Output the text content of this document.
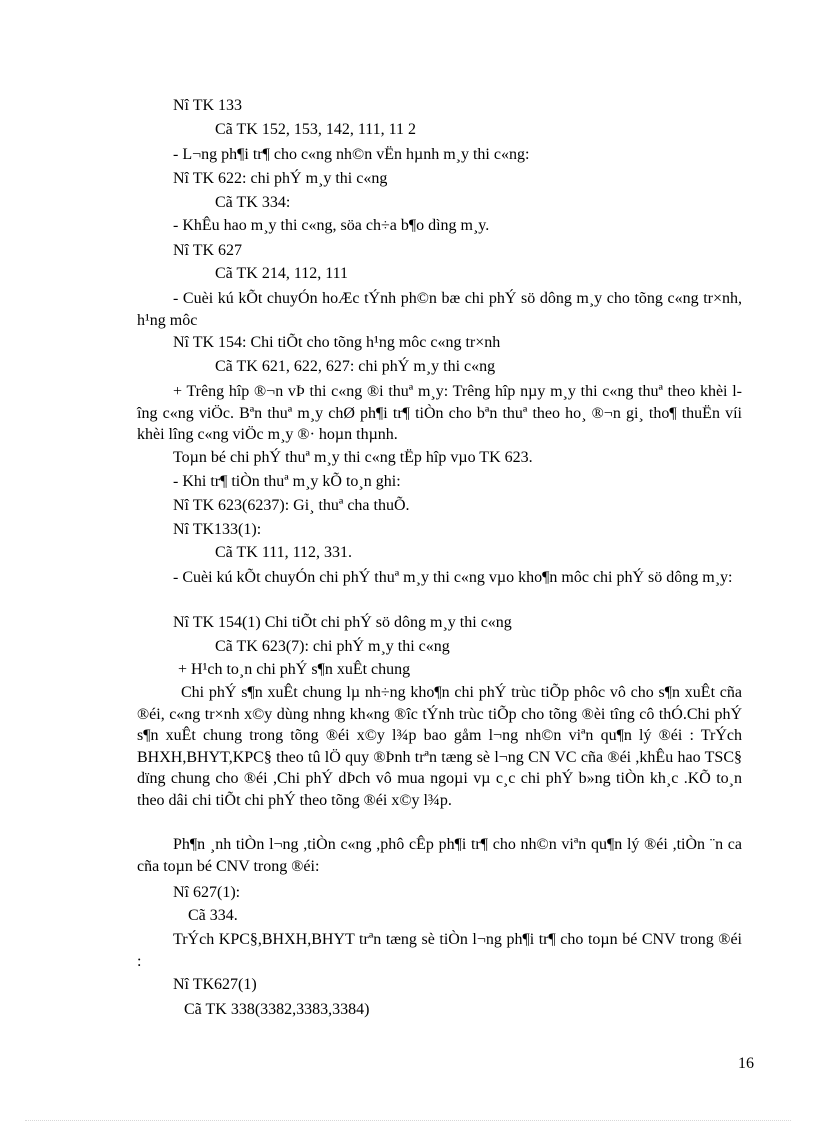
Nî TK 133
Cã TK 152, 153, 142, 111, 11 2
- L¬ng ph¶i tr¶ cho c«ng nh©n vËn hµnh m¸y thi c«ng:
Nî TK 622: chi phÝ m¸y thi c«ng
Cã TK 334:
- KhÊu hao m¸y thi c«ng, söa ch÷a b¶o dìng m¸y.
Nî TK 627
Cã TK 214, 112, 111
- Cuèi kú kÕt chuyÓn hoÆc tÝnh ph©n bæ chi phÝ sö dông m¸y cho tõng c«ng tr×nh, h¹ng môc
Nî TK 154: Chi tiÕt cho tõng h¹ng môc c«ng tr×nh
Cã TK 621, 622, 627: chi phÝ m¸y thi c«ng
+ Trêng hîp ®¬n vÞ thi c«ng ®i thuª m¸y: Trêng hîp nµy m¸y thi c«ng thuª theo khèi lîng c«ng viÖc. Bªn thuª m¸y chØ ph¶i tr¶ tiÒn cho bªn thuª theo ho¸ ®¬n gi¸ tho¶ thuËn víi khèi lîng c«ng viÖc m¸y ®· hoµn thµnh.
Toµn bé chi phÝ thuª m¸y thi c«ng tËp hîp vµo TK 623.
- Khi tr¶ tiÒn thuª m¸y kÕ to¸n ghi:
Nî TK 623(6237): Gi¸ thuª cha thuÕ.
Nî TK133(1):
Cã TK 111, 112, 331.
- Cuèi kú kÕt chuyÓn chi phÝ thuª m¸y thi c«ng vµo kho¶n môc chi phÝ sö dông m¸y:
Nî TK 154(1) Chi tiÕt chi phÝ sö dông m¸y thi c«ng
Cã TK 623(7): chi phÝ m¸y thi c«ng
+ H¹ch to¸n chi phÝ s¶n xuÊt chung
Chi phÝ s¶n xuÊt chung lµ nh÷ng kho¶n chi phÝ trùc tiÕp phôc vô cho s¶n xuÊt cña ®éi, c«ng tr×nh x©y dùng nhng kh«ng ®îc tÝnh trùc tiÕp cho tõng ®èi tîng cô thÓ.Chi phÝ s¶n xuÊt chung trong tõng ®éi x©y l¾p bao gåm l¬ng nh©n viªn qu¶n lý ®éi : TrÝch BHXH,BHYT,KPC§ theo tû lÖ quy ®Þnh trªn tæng sè l¬ng CN VC cña ®éi ,khÊu hao TSC§ dïng chung cho ®éi ,Chi phÝ dÞch vô mua ngoµi vµ c¸c chi phÝ b»ng tiÒn kh¸c .KÕ to¸n theo dâi chi tiÕt chi phÝ theo tõng ®éi x©y l¾p.
Ph¶n ¸nh tiÒn l¬ng ,tiÒn c«ng ,phô cÊp ph¶i tr¶ cho nh©n viªn qu¶n lý ®éi ,tiÒn ¨n ca cña toµn bé CNV trong ®éi:
Nî 627(1):
Cã 334.
TrÝch KPC§,BHXH,BHYT trªn tæng sè tiÒn l¬ng ph¶i tr¶ cho toµn bé CNV trong ®éi :
Nî TK627(1)
Cã TK 338(3382,3383,3384)
16
